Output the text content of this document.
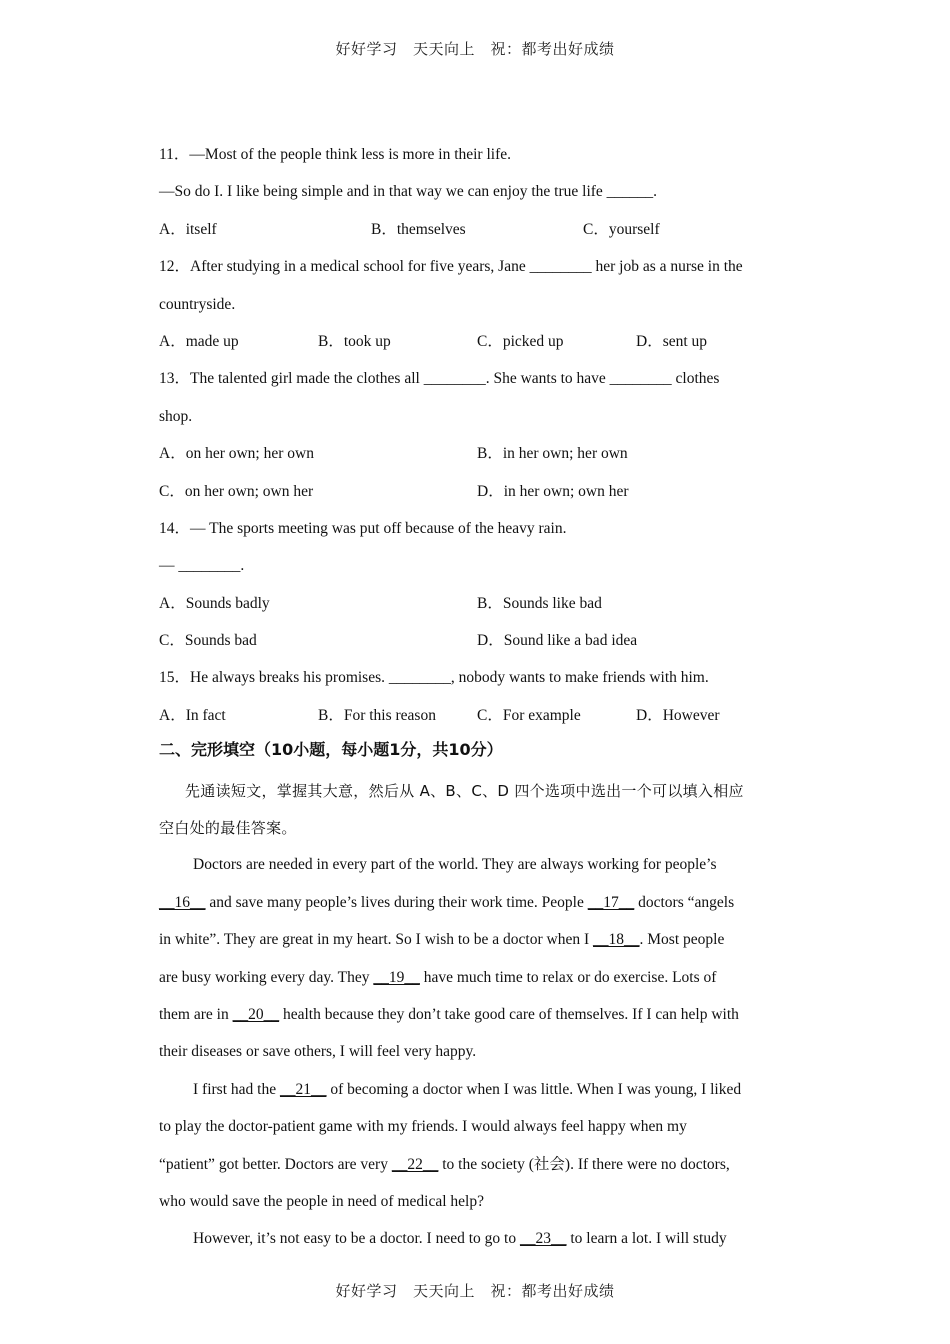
好好学习　天天向上　祝：都考出好成绩
11．—Most of the people think less is more in their life.
—So do I. I like being simple and in that way we can enjoy the true life ______.
A．itself	B．themselves	C．yourself
12．After studying in a medical school for five years, Jane ________ her job as a nurse in the
countryside.
A．made up	B．took up	C．picked up	D．sent up
13．The talented girl made the clothes all ________. She wants to have ________ clothes
shop.
A．on her own; her own	B．in her own; her own
C．on her own; own her	D．in her own; own her
14．— The sports meeting was put off because of the heavy rain.
— ________.
A．Sounds badly	B．Sounds like bad
C．Sounds bad	D．Sound like a bad idea
15．He always breaks his promises. ________, nobody wants to make friends with him.
A．In fact	B．For this reason	C．For example	D．However
二、完形填空（10小题，每小题1分，共10分）
先通读短文，掌握其大意，然后从 A、B、C、D 四个选项中选出一个可以填入相应
空白处的最佳答案。
Doctors are needed in every part of the world. They are always working for people’s
__16__ and save many people’s lives during their work time. People __17__ doctors “angels
in white”. They are great in my heart. So I wish to be a doctor when I __18__. Most people
are busy working every day. They __19__ have much time to relax or do exercise. Lots of
them are in __20__ health because they don’t take good care of themselves. If I can help with
their diseases or save others, I will feel very happy.
I first had the __21__ of becoming a doctor when I was little. When I was young, I liked
to play the doctor-patient game with my friends. I would always feel happy when my
“patient” got better. Doctors are very __22__ to the society (社会). If there were no doctors,
who would save the people in need of medical help?
However, it’s not easy to be a doctor. I need to go to __23__ to learn a lot. I will study
好好学习　天天向上　祝：都考出好成绩
